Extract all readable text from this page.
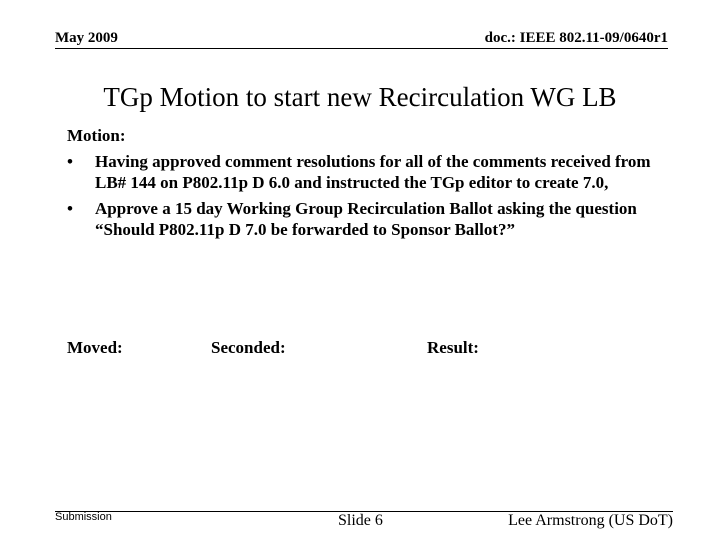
May 2009	doc.: IEEE 802.11-09/0640r1
TGp Motion to start new Recirculation WG LB
Motion:
•	Having approved comment resolutions for all of the comments received from LB# 144 on P802.11p D 6.0 and instructed the TGp editor to create 7.0,
•	Approve a 15 day Working Group Recirculation Ballot asking the question “Should P802.11p D 7.0 be forwarded to Sponsor Ballot?”
Moved:	Seconded:	Result:
Submission	Slide 6	Lee Armstrong (US DoT)
